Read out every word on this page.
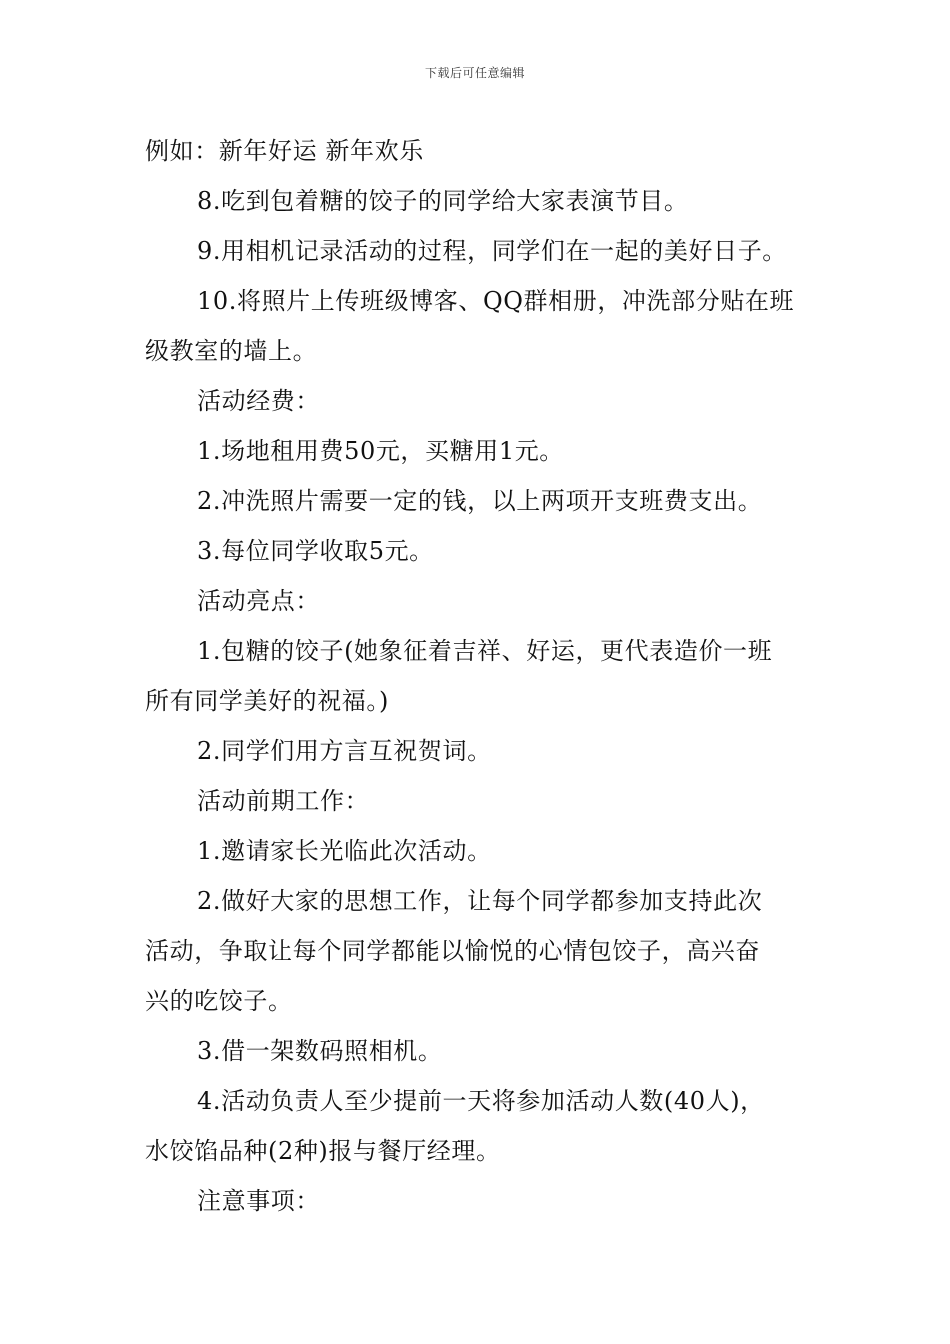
下载后可任意编辑
例如：新年好运 新年欢乐
8.吃到包着糖的饺子的同学给大家表演节目。
9.用相机记录活动的过程，同学们在一起的美好日子。
10.将照片上传班级博客、QQ群相册，冲洗部分贴在班
级教室的墙上。
活动经费：
1.场地租用费50元，买糖用1元。
2.冲洗照片需要一定的钱，以上两项开支班费支出。
3.每位同学收取5元。
活动亮点：
1.包糖的饺子(她象征着吉祥、好运，更代表造价一班
所有同学美好的祝福。)
2.同学们用方言互祝贺词。
活动前期工作：
1.邀请家长光临此次活动。
2.做好大家的思想工作，让每个同学都参加支持此次
活动，争取让每个同学都能以愉悦的心情包饺子，高兴奋
兴的吃饺子。
3.借一架数码照相机。
4.活动负责人至少提前一天将参加活动人数(40人)，
水饺馅品种(2种)报与餐厅经理。
注意事项：
